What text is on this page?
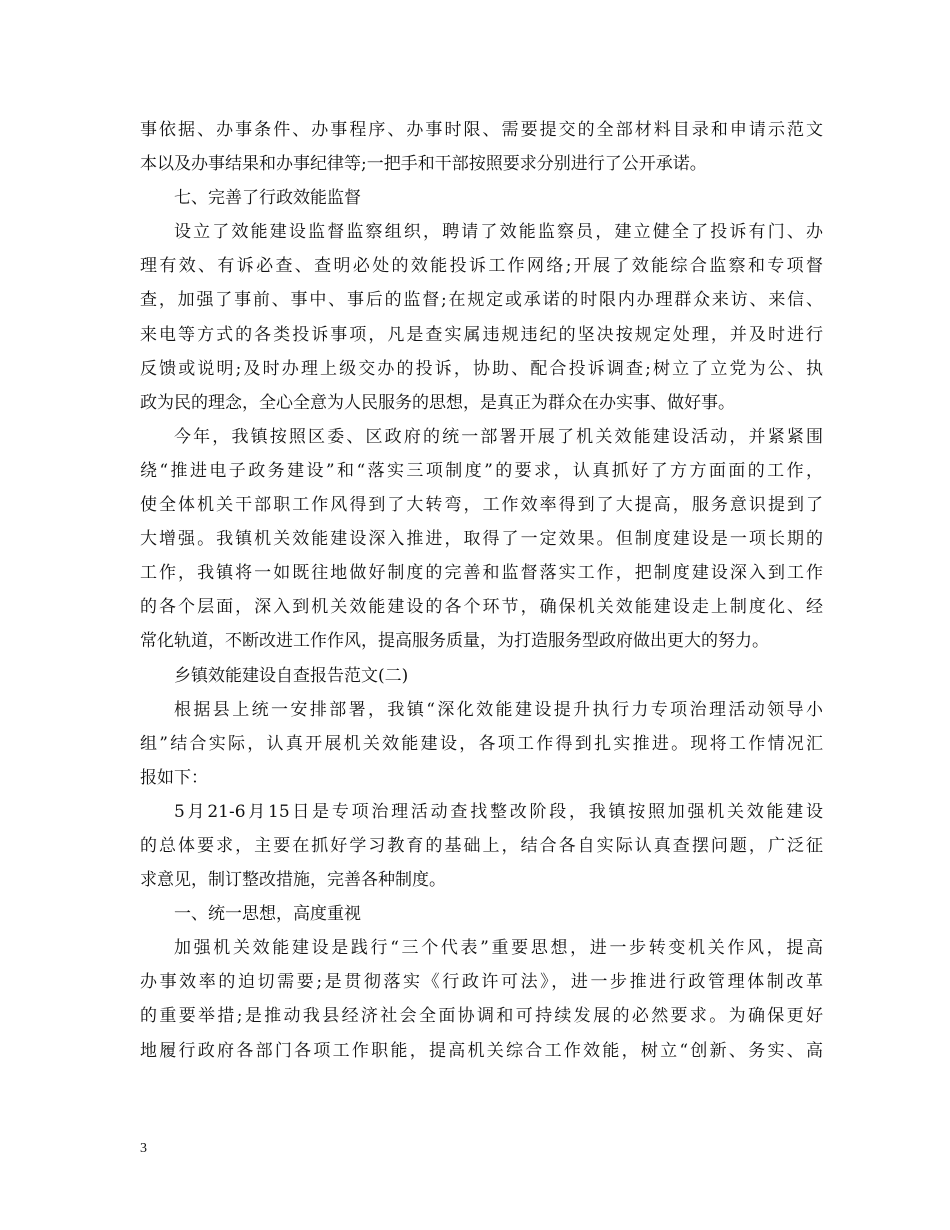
事依据、办事条件、办事程序、办事时限、需要提交的全部材料目录和申请示范文
本以及办事结果和办事纪律等;一把手和干部按照要求分别进行了公开承诺。
七、完善了行政效能监督
设立了效能建设监督监察组织，聘请了效能监察员，建立健全了投诉有门、办
理有效、有诉必查、查明必处的效能投诉工作网络;开展了效能综合监察和专项督
查，加强了事前、事中、事后的监督;在规定或承诺的时限内办理群众来访、来信、
来电等方式的各类投诉事项，凡是查实属违规违纪的坚决按规定处理，并及时进行
反馈或说明;及时办理上级交办的投诉，协助、配合投诉调查;树立了立党为公、执
政为民的理念，全心全意为人民服务的思想，是真正为群众在办实事、做好事。
今年，我镇按照区委、区政府的统一部署开展了机关效能建设活动，并紧紧围
绕“推进电子政务建设”和“落实三项制度”的要求，认真抓好了方方面面的工作，
使全体机关干部职工作风得到了大转弯，工作效率得到了大提高，服务意识提到了
大增强。我镇机关效能建设深入推进，取得了一定效果。但制度建设是一项长期的
工作，我镇将一如既往地做好制度的完善和监督落实工作，把制度建设深入到工作
的各个层面，深入到机关效能建设的各个环节，确保机关效能建设走上制度化、经
常化轨道，不断改进工作作风，提高服务质量，为打造服务型政府做出更大的努力。
乡镇效能建设自查报告范文(二)
根据县上统一安排部署，我镇“深化效能建设提升执行力专项治理活动领导小
组”结合实际，认真开展机关效能建设，各项工作得到扎实推进。现将工作情况汇
报如下：
5月21-6月15日是专项治理活动查找整改阶段，我镇按照加强机关效能建设
的总体要求，主要在抓好学习教育的基础上，结合各自实际认真查摆问题，广泛征
求意见，制订整改措施，完善各种制度。
一、统一思想，高度重视
加强机关效能建设是践行“三个代表”重要思想，进一步转变机关作风，提高
办事效率的迫切需要;是贯彻落实《行政许可法》，进一步推进行政管理体制改革
的重要举措;是推动我县经济社会全面协调和可持续发展的必然要求。为确保更好
地履行政府各部门各项工作职能，提高机关综合工作效能，树立“创新、务实、高
3
